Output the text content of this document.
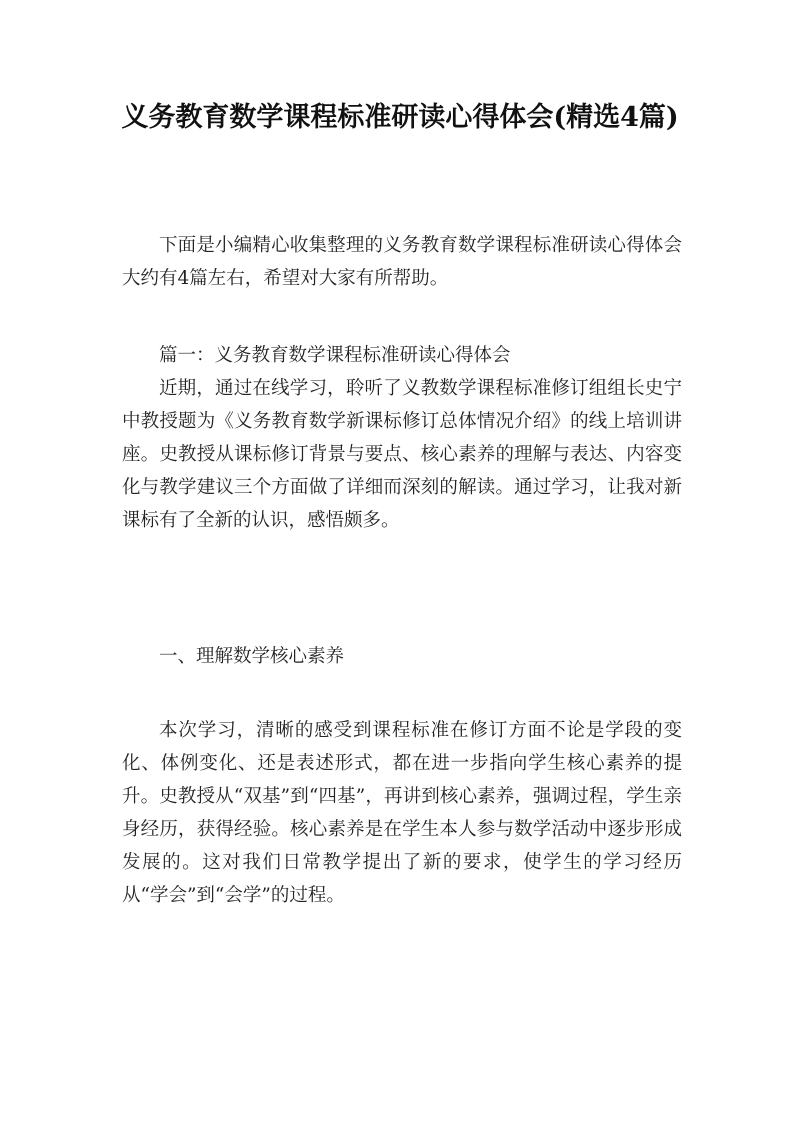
义务教育数学课程标准研读心得体会(精选4篇)

下面是小编精心收集整理的义务教育数学课程标准研读心得体会大约有4篇左右，希望对大家有所帮助。

篇一：义务教育数学课程标准研读心得体会

近期，通过在线学习，聆听了义教数学课程标准修订组组长史宁中教授题为《义务教育数学新课标修订总体情况介绍》的线上培训讲座。史教授从课标修订背景与要点、核心素养的理解与表达、内容变化与教学建议三个方面做了详细而深刻的解读。通过学习，让我对新课标有了全新的认识，感悟颇多。

一、理解数学核心素养

本次学习，清晰的感受到课程标准在修订方面不论是学段的变化、体例变化、还是表述形式，都在进一步指向学生核心素养的提升。史教授从“双基”到“四基”，再讲到核心素养，强调过程，学生亲身经历，获得经验。核心素养是在学生本人参与数学活动中逐步形成发展的。这对我们日常教学提出了新的要求，使学生的学习经历从“学会”到“会学”的过程。
